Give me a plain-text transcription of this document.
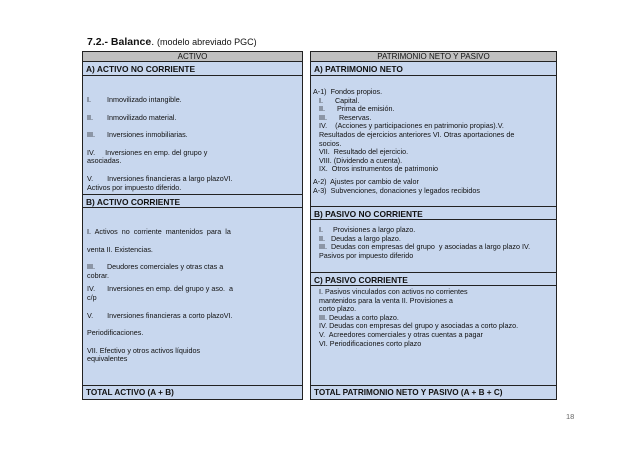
7.2.- Balance. (modelo abreviado PGC)
ACTIVO
A) ACTIVO NO CORRIENTE
I.        Inmovilizado intangible.
II.       Inmovilizado material.
III.      Inversiones inmobiliarias.
IV.     Inversiones en emp. del grupo y
asociadas.
V.       Inversiones financieras a largo plazoVI.
Activos por impuesto diferido.
B) ACTIVO CORRIENTE
I.  Activos  no  corriente  mantenidos  para  la
venta II. Existencias.
III.      Deudores comerciales y otras ctas a
cobrar.
IV.      Inversiones en emp. del grupo y aso.  a
c/p
V.       Inversiones financieras a corto plazoVI.
Periodificaciones.
VII. Efectivo y otros activos líquidos
equivalentes
TOTAL ACTIVO (A + B)
PATRIMONIO NETO Y PASIVO
A) PATRIMONIO NETO
A-1)  Fondos propios.
I.      Capital.
II.      Prima de emisión.
III.      Reservas.
IV.    (Acciones y participaciones en patrimonio propias).V.
Resultados de ejercicios anteriores VI. Otras aportaciones de
socios.
VII.  Resultado del ejercicio.
VIII. (Dividendo a cuenta).
IX.  Otros instrumentos de patrimonio
A-2)  Ajustes por cambio de valor
A-3)  Subvenciones, donaciones y legados recibidos
B) PASIVO NO CORRIENTE
I.     Provisiones a largo plazo.
II.   Deudas a largo plazo.
III.  Deudas con empresas del grupo  y asociadas a largo plazo IV.
Pasivos por impuesto diferido
C) PASIVO CORRIENTE
I. Pasivos vinculados con activos no corrientes
mantenidos para la venta II. Provisiones a
corto plazo.
III. Deudas a corto plazo.
IV. Deudas con empresas del grupo y asociadas a corto plazo.
V.  Acreedores comerciales y otras cuentas a pagar
VI. Periodificaciones corto plazo
TOTAL PATRIMONIO NETO Y PASIVO (A + B + C)
18
